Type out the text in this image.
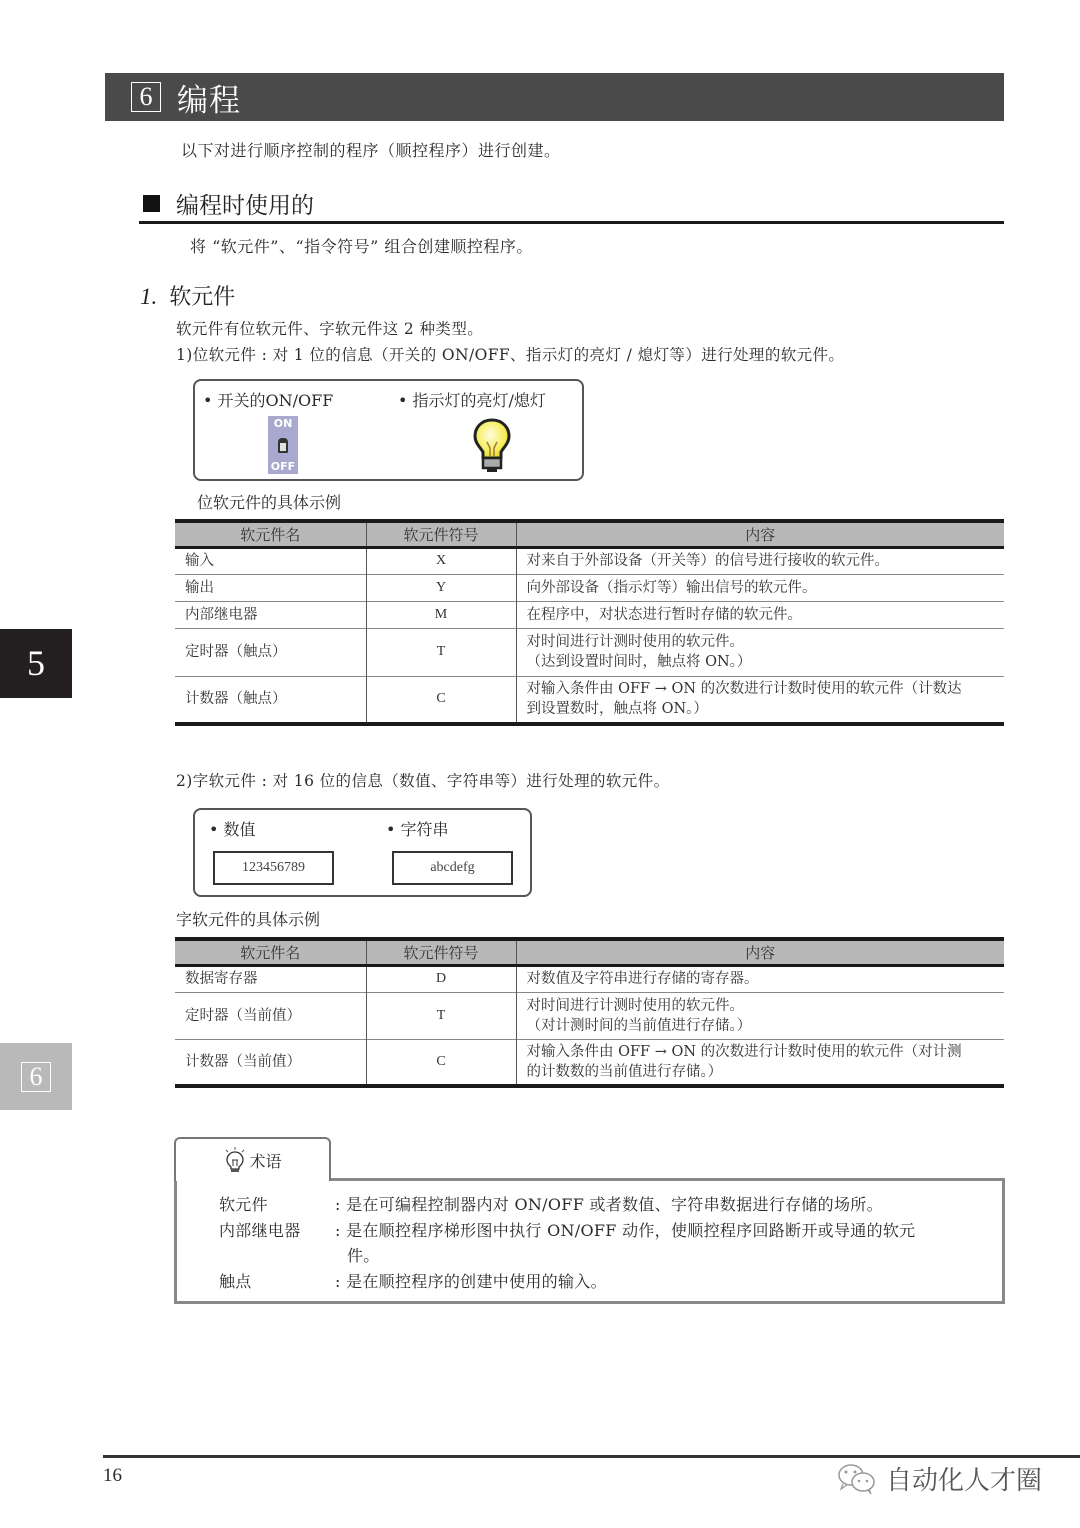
6 编程
以下对进行顺序控制的程序（顺控程序）进行创建。
编程时使用的
将 “软元件”、“指令符号” 组合创建顺控程序。
1. 软元件
软元件有位软元件、字软元件这 2 种类型。
1)位软元件 : 对 1 位的信息（开关的 ON/OFF、指示灯的亮灯 / 熄灯等）进行处理的软元件。
• 开关的ON/OFF	• 指示灯的亮灯/熄灯
ON
OFF
位软元件的具体示例
软元件名	软元件符号	内容
输入	X	对来自于外部设备（开关等）的信号进行接收的软元件。
输出	Y	向外部设备（指示灯等）输出信号的软元件。
内部继电器	M	在程序中，对状态进行暂时存储的软元件。
定时器（触点）	T	对时间进行计测时使用的软元件。
（达到设置时间时，触点将 ON。）

计数器（触点）	C	对输入条件由 OFF → ON 的次数进行计数时使用的软元件（计数达
到设置数时，触点将 ON。）
2)字软元件 : 对 16 位的信息（数值、字符串等）进行处理的软元件。
• 数值	• 字符串
123456789	abcdefg
字软元件的具体示例
软元件名	软元件符号	内容
数据寄存器	D	对数值及字符串进行存储的寄存器。
定时器（当前值）	T	对时间进行计测时使用的软元件。
（对计测时间的当前值进行存储。）

计数器（当前值）	C	对输入条件由 OFF → ON 的次数进行计数时使用的软元件（对计测
的计数数的当前值进行存储。）
软元件	: 是在可编程控制器内对 ON/OFF 或者数值、字符串数据进行存储的场所。
内部继电器 : 是在顺控程序梯形图中执行 ON/OFF 动作，使顺控程序回路断开或导通的软元
件。
触点	: 是在顺控程序的创建中使用的输入。
术语
5
6
16	自动化人才圈
